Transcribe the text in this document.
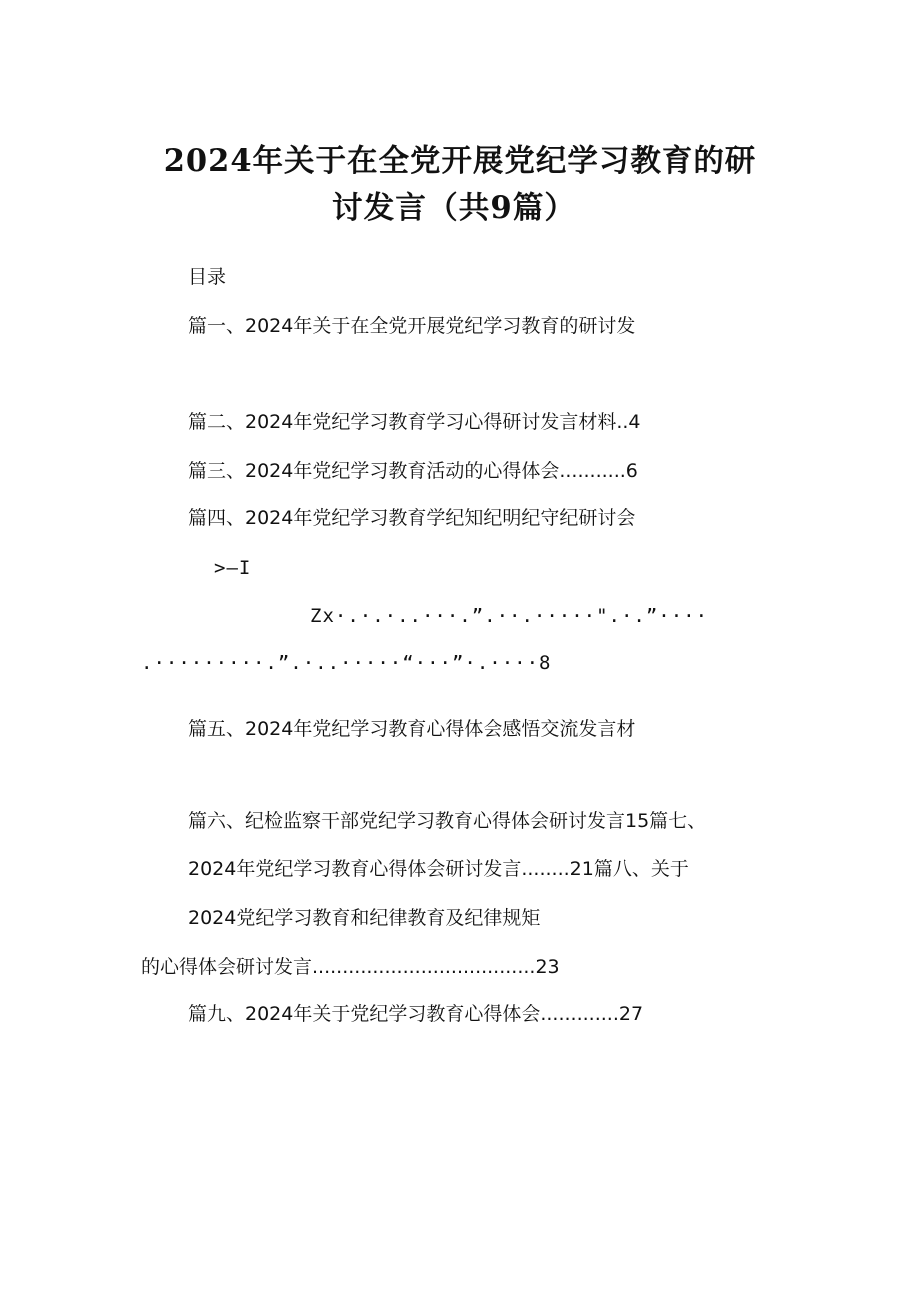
2024年关于在全党开展党纪学习教育的研
讨发言（共9篇）
目录
篇一、2024年关于在全党开展党纪学习教育的研讨发
篇二、2024年党纪学习教育学习心得研讨发言材料..4
篇三、2024年党纪学习教育活动的心得体会...........6
篇四、2024年党纪学习教育学纪知纪明纪守纪研讨会
>—I
Zx·.·.·..···.”.··.·····".·.”····
.·········.”.·..·····“···”·.····8
篇五、2024年党纪学习教育心得体会感悟交流发言材
篇六、纪检监察干部党纪学习教育心得体会研讨发言15篇七、
2024年党纪学习教育心得体会研讨发言........21篇八、关于
2024党纪学习教育和纪律教育及纪律规矩
的心得体会研讨发言.....................................23
篇九、2024年关于党纪学习教育心得体会.............27
